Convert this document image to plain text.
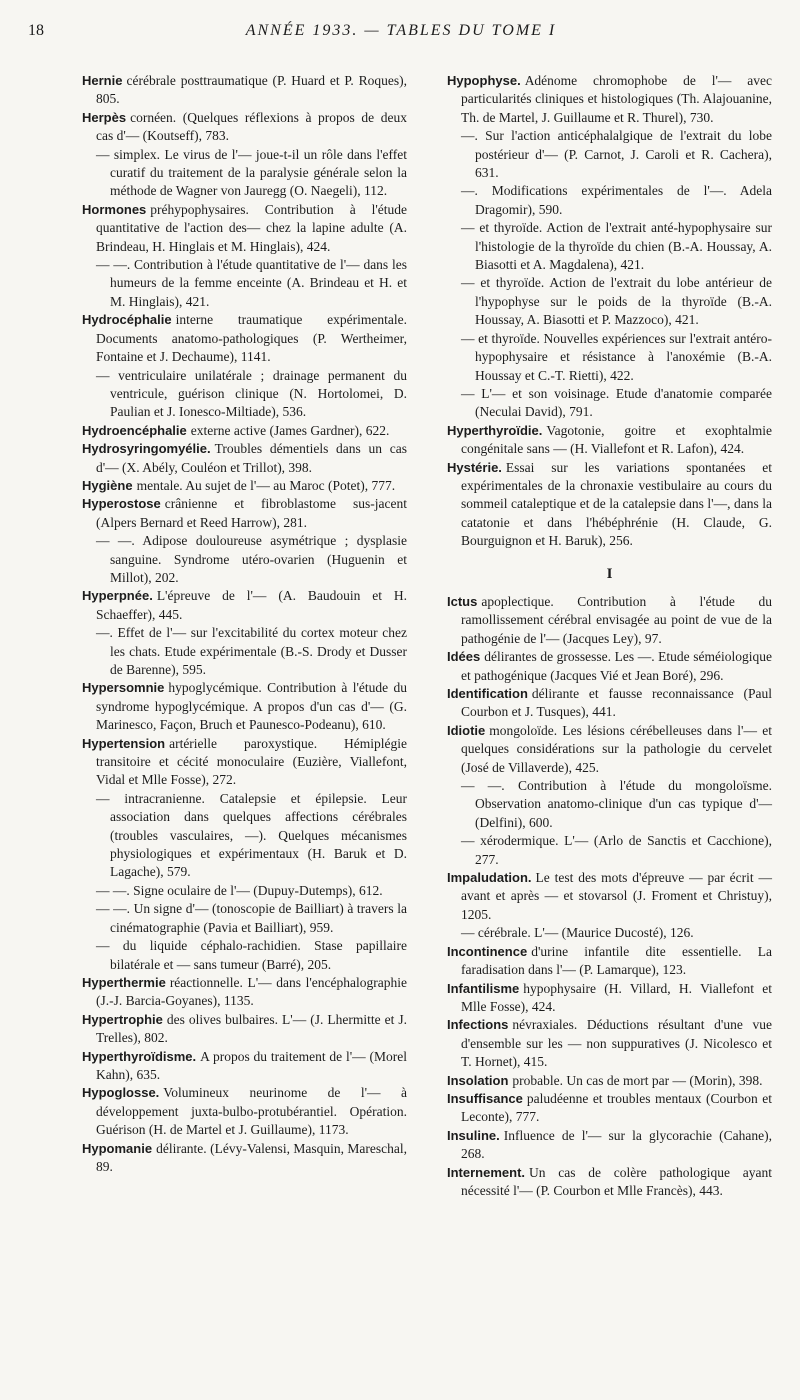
18	ANNÉE 1933. — TABLES DU TOME I
Hernie cérébrale posttraumatique (P. Huard et P. Roques), 805.
Herpès cornéen. (Quelques réflexions à propos de deux cas d'— (Koutseff), 783.

— simplex. Le virus de l'— joue-t-il un rôle dans l'effet curatif du traitement de la paralysie générale selon la méthode de Wagner von Jauregg (O. Naegeli), 112.
Hormones préhypophysaires. Contribution à l'étude quantitative de l'action des— chez la lapine adulte (A. Brindeau, H. Hinglais et M. Hinglais), 424.

— —. Contribution à l'étude quantitative de l'— dans les humeurs de la femme enceinte (A. Brindeau et H. et M. Hinglais), 421.
Hydrocéphalie interne traumatique expérimentale. Documents anatomo-pathologiques (P. Wertheimer, Fontaine et J. Dechaume), 1141.

— ventriculaire unilatérale ; drainage permanent du ventricule, guérison clinique (N. Hortolomei, D. Paulian et J. Ionesco-Miltiade), 536.
Hydroencéphalie externe active (James Gardner), 622.
Hydrosyringomyélie. Troubles démentiels dans un cas d'— (X. Abély, Couléon et Trillot), 398.
Hygiène mentale. Au sujet de l'— au Maroc (Potet), 777.
Hyperostose crânienne et fibroblastome sus-jacent (Alpers Bernard et Reed Harrow), 281.

— —. Adipose douloureuse asymétrique ; dysplasie sanguine. Syndrome utéro-ovarien (Huguenin et Millot), 202.
Hyperpnée. L'épreuve de l'— (A. Baudouin et H. Schaeffer), 445.

—. Effet de l'— sur l'excitabilité du cortex moteur chez les chats. Etude expérimentale (B.-S. Drody et Dusser de Barenne), 595.
Hypersomnie hypoglycémique. Contribution à l'étude du syndrome hypoglycémique. A propos d'un cas d'— (G. Marinesco, Façon, Bruch et Paunesco-Podeanu), 610.
Hypertension artérielle paroxystique. Hémiplégie transitoire et cécité monoculaire (Euzière, Viallefont, Vidal et Mlle Fosse), 272.

— intracranienne. Catalepsie et épilepsie. Leur association dans quelques affections cérébrales (troubles vasculaires, —). Quelques mécanismes physiologiques et expérimentaux (H. Baruk et D. Lagache), 579.
— —. Signe oculaire de l'— (Dupuy-Dutemps), 612.
— —. Un signe d'— (tonoscopie de Bailliart) à travers la cinématographie (Pavia et Bailliart), 959.
— du liquide céphalo-rachidien. Stase papillaire bilatérale et — sans tumeur (Barré), 205.
Hyperthermie réactionnelle. L'— dans l'encéphalographie (J.-J. Barcia-Goyanes), 1135.
Hypertrophie des olives bulbaires. L'— (J. Lhermitte et J. Trelles), 802.
Hyperthyroïdisme. A propos du traitement de l'— (Morel Kahn), 635.
Hypoglosse. Volumineux neurinome de l'— à développement juxta-bulbo-protubérantiel. Opération. Guérison (H. de Martel et J. Guillaume), 1173.
Hypomanie délirante. (Lévy-Valensi, Masquin, Mareschal, 89.
Hypophyse. Adénome chromophobe de l'— avec particularités cliniques et histologiques (Th. Alajouanine, Th. de Martel, J. Guillaume et R. Thurel), 730.

—. Sur l'action anticéphalalgique de l'extrait du lobe postérieur d'— (P. Carnot, J. Caroli et R. Cachera), 631.
—. Modifications expérimentales de l'—. Adela Dragomir), 590.
— et thyroïde. Action de l'extrait anté-hypophysaire sur l'histologie de la thyroïde du chien (B.-A. Houssay, A. Biasotti et A. Magdalena), 421.
— et thyroïde. Action de l'extrait du lobe antérieur de l'hypophyse sur le poids de la thyroïde (B.-A. Houssay, A. Biasotti et P. Mazzoco), 421.
— et thyroïde. Nouvelles expériences sur l'extrait antéro-hypophysaire et résistance à l'anoxémie (B.-A. Houssay et C.-T. Rietti), 422.
— L'— et son voisinage. Etude d'anatomie comparée (Neculai David), 791.
Hyperthyroïdie. Vagotonie, goitre et exophtalmie congénitale sans — (H. Viallefont et R. Lafon), 424.
Hystérie. Essai sur les variations spontanées et expérimentales de la chronaxie vestibulaire au cours du sommeil cataleptique et de la catalepsie dans l'—, dans la catatonie et dans l'hébéphrénie (H. Claude, G. Bourguignon et H. Baruk), 256.
I
Ictus apoplectique. Contribution à l'étude du ramollissement cérébral envisagée au point de vue de la pathogénie de l'— (Jacques Ley), 97.
Idées délirantes de grossesse. Les —. Etude séméiologique et pathogénique (Jacques Vié et Jean Boré), 296.
Identification délirante et fausse reconnaissance (Paul Courbon et J. Tusques), 441.
Idiotie mongoloïde. Les lésions cérébelleuses dans l'— et quelques considérations sur la pathologie du cervelet (José de Villaverde), 425.

— —. Contribution à l'étude du mongoloïsme. Observation anatomo-clinique d'un cas typique d'— (Delfini), 600.
— xérodermique. L'— (Arlo de Sanctis et Cacchione), 277.
Impaludation. Le test des mots d'épreuve — par écrit — avant et après — et stovarsol (J. Froment et Christuy), 1205.

— cérébrale. L'— (Maurice Ducosté), 126.
Incontinence d'urine infantile dite essentielle. La faradisation dans l'— (P. Lamarque), 123.
Infantilisme hypophysaire (H. Villard, H. Viallefont et Mlle Fosse), 424.
Infections névraxiales. Déductions résultant d'une vue d'ensemble sur les — non suppuratives (J. Nicolesco et T. Hornet), 415.
Insolation probable. Un cas de mort par — (Morin), 398.
Insuffisance paludéenne et troubles mentaux (Courbon et Leconte), 777.
Insuline. Influence de l'— sur la glycorachie (Cahane), 268.
Internement. Un cas de colère pathologique ayant nécessité l'— (P. Courbon et Mlle Francès), 443.
